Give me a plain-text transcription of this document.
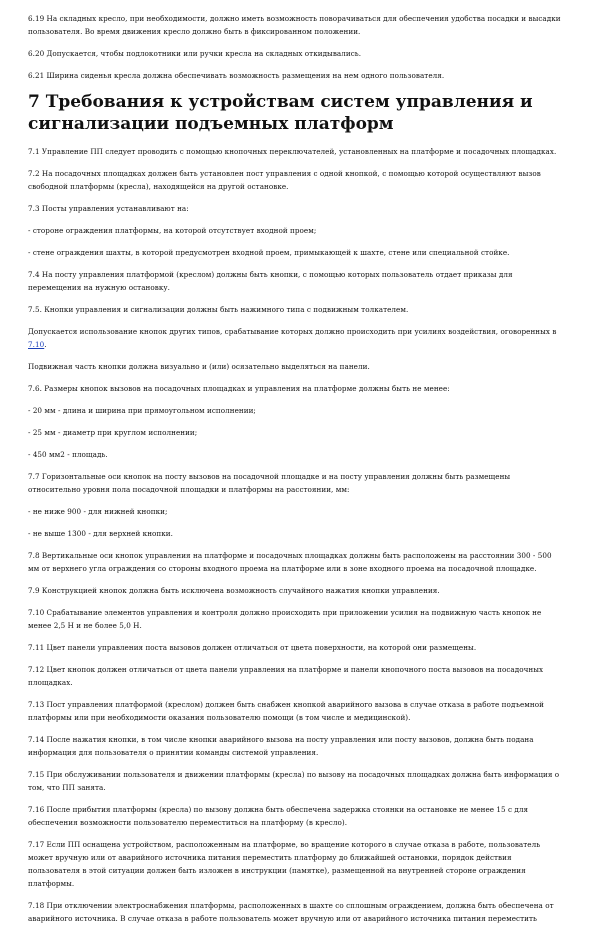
6.19 На складных кресло, при необходимости, должно иметь возможность поворачиваться для обеспечения удобства посадки и высадки пользователя. Во время движения кресло должно быть в фиксированном положении.

6.20 Допускается, чтобы подлокотники или ручки кресла на складных откидывались.

6.21 Ширина сиденья кресла должна обеспечивать возможность размещения на нем одного пользователя.

7 Требования к устройствам систем управления и сигнализации подъемных платформ

7.1 Управление ПП следует проводить с помощью кнопочных переключателей, установленных на платформе и посадочных площадках.

7.2 На посадочных площадках должен быть установлен пост управления с одной кнопкой, с помощью которой осуществляют вызов свободной платформы (кресла), находящейся на другой остановке.

7.3 Посты управления устанавливают на:

- стороне ограждения платформы, на которой отсутствует входной проем;

- стене ограждения шахты, в которой предусмотрен входной проем, примыкающей к шахте, стене или специальной стойке.

7.4 На посту управления платформой (креслом) должны быть кнопки, с помощью которых пользователь отдает приказы для перемещения на нужную остановку.

7.5. Кнопки управления и сигнализации должны быть нажимного типа с подвижным толкателем.

Допускается использование кнопок других типов, срабатывание которых должно происходить при усилиях воздействия, оговоренных в
7.10.

Подвижная часть кнопки должна визуально и (или) осязательно выделяться на панели.

7.6. Размеры кнопок вызовов на посадочных площадках и управления на платформе должны быть не менее:

- 20 мм - длина и ширина при прямоугольном исполнении;

- 25 мм - диаметр при круглом исполнении;

- 450 мм2 - площадь.

7.7 Горизонтальные оси кнопок на посту вызовов на посадочной площадке и на посту управления должны быть размещены относительно уровня пола посадочной площадки и платформы на расстоянии, мм:

- не ниже 900 - для нижней кнопки;

- не выше 1300 - для верхней кнопки.

7.8 Вертикальные оси кнопок управления на платформе и посадочных площадках должны быть расположены на расстоянии 300 - 500 мм от верхнего угла ограждения со стороны входного проема на платформе или в зоне входного проема на посадочной площадке.

7.9 Конструкцией кнопок должна быть исключена возможность случайного нажатия кнопки управления.

7.10 Срабатывание элементов управления и контроля должно происходить при приложении усилия на подвижную часть кнопок не менее 2,5 Н и не более 5,0 Н.

7.11 Цвет панели управления поста вызовов должен отличаться от цвета поверхности, на которой они размещены.

7.12 Цвет кнопок должен отличаться от цвета панели управления на платформе и панели кнопочного поста вызовов на посадочных площадках.

7.13 Пост управления платформой (креслом) должен быть снабжен кнопкой аварийного вызова в случае отказа в работе подъемной платформы или при необходимости оказания пользователю помощи (в том числе и медицинской).

7.14 После нажатия кнопки, в том числе кнопки аварийного вызова на посту управления или посту вызовов, должна быть подана информация для пользователя о принятии команды системой управления.

7.15 При обслуживании пользователя и движении платформы (кресла) по вызову на посадочных площадках должна быть информация о том, что ПП занята.

7.16 После прибытия платформы (кресла) по вызову должна быть обеспечена задержка стоянки на остановке не менее 15 с для обеспечения возможности пользователю переместиться на платформу (в кресло).

7.17 Если ПП оснащена устройством, расположенным на платформе, во вращение которого в случае отказа в работе, пользователь может вручную или от аварийного источника питания переместить платформу до ближайшей остановки, порядок действия пользователя в этой ситуации должен быть изложен в инструкции (памятке), размещенной на внутренней стороне ограждения платформы.

7.18 При отключении электроснабжения платформы, расположенных в шахте со сплошным ограждением, должна быть обеспечена от аварийного источника. В случае отказа в работе пользователь может вручную или от аварийного источника питания переместить
